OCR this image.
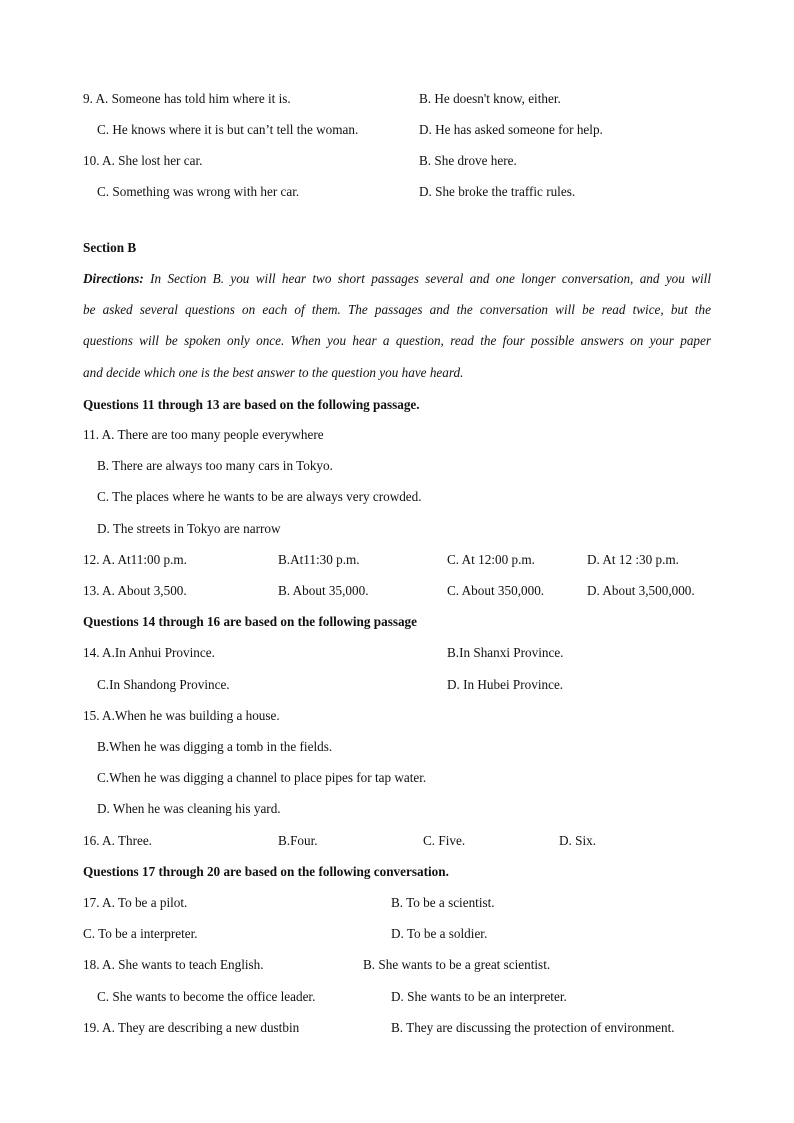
9. A. Someone has told him where it is.	B. He doesn't know, either.
C. He knows where it is but can’t tell the woman.	D. He has asked someone for help.
10. A. She lost her car.	B. She drove here.
C. Something was wrong with her car.	D. She broke the traffic rules.
Section B
Directions: In Section B. you will hear two short passages several and one longer conversation, and you will
be asked several questions on each of them. The passages and the conversation will be read twice, but the
questions will be spoken only once. When you hear a question, read the four possible answers on your paper
and decide which one is the best answer to the question you have heard.
Questions 11 through 13 are based on the following passage.
11. A. There are too many people everywhere
B. There are always too many cars in Tokyo.
C. The places where he wants to be are always very crowded.
D. The streets in Tokyo are narrow
12. A. At11:00 p.m.	B.At11:30 p.m.	C. At 12:00 p.m.	D. At 12 :30 p.m.
13. A. About 3,500.	B. About 35,000.	C. About 350,000.	D. About 3,500,000.
Questions 14 through 16 are based on the following passage
14. A.In Anhui Province.	B.In Shanxi Province.
C.In Shandong Province.	D. In Hubei Province.
15. A.When he was building a house.
B.When he was digging a tomb in the fields.
C.When he was digging a channel to place pipes for tap water.
D. When he was cleaning his yard.
16. A. Three.	B.Four.	C. Five.	D. Six.
Questions 17 through 20 are based on the following conversation.
17. A. To be a pilot.	B. To be a scientist.
C. To be a interpreter.	D. To be a soldier.
18. A. She wants to teach English.	B. She wants to be a great scientist.
C. She wants to become the office leader.	D. She wants to be an interpreter.
19. A. They are describing a new dustbin	B. They are discussing the protection of environment.
